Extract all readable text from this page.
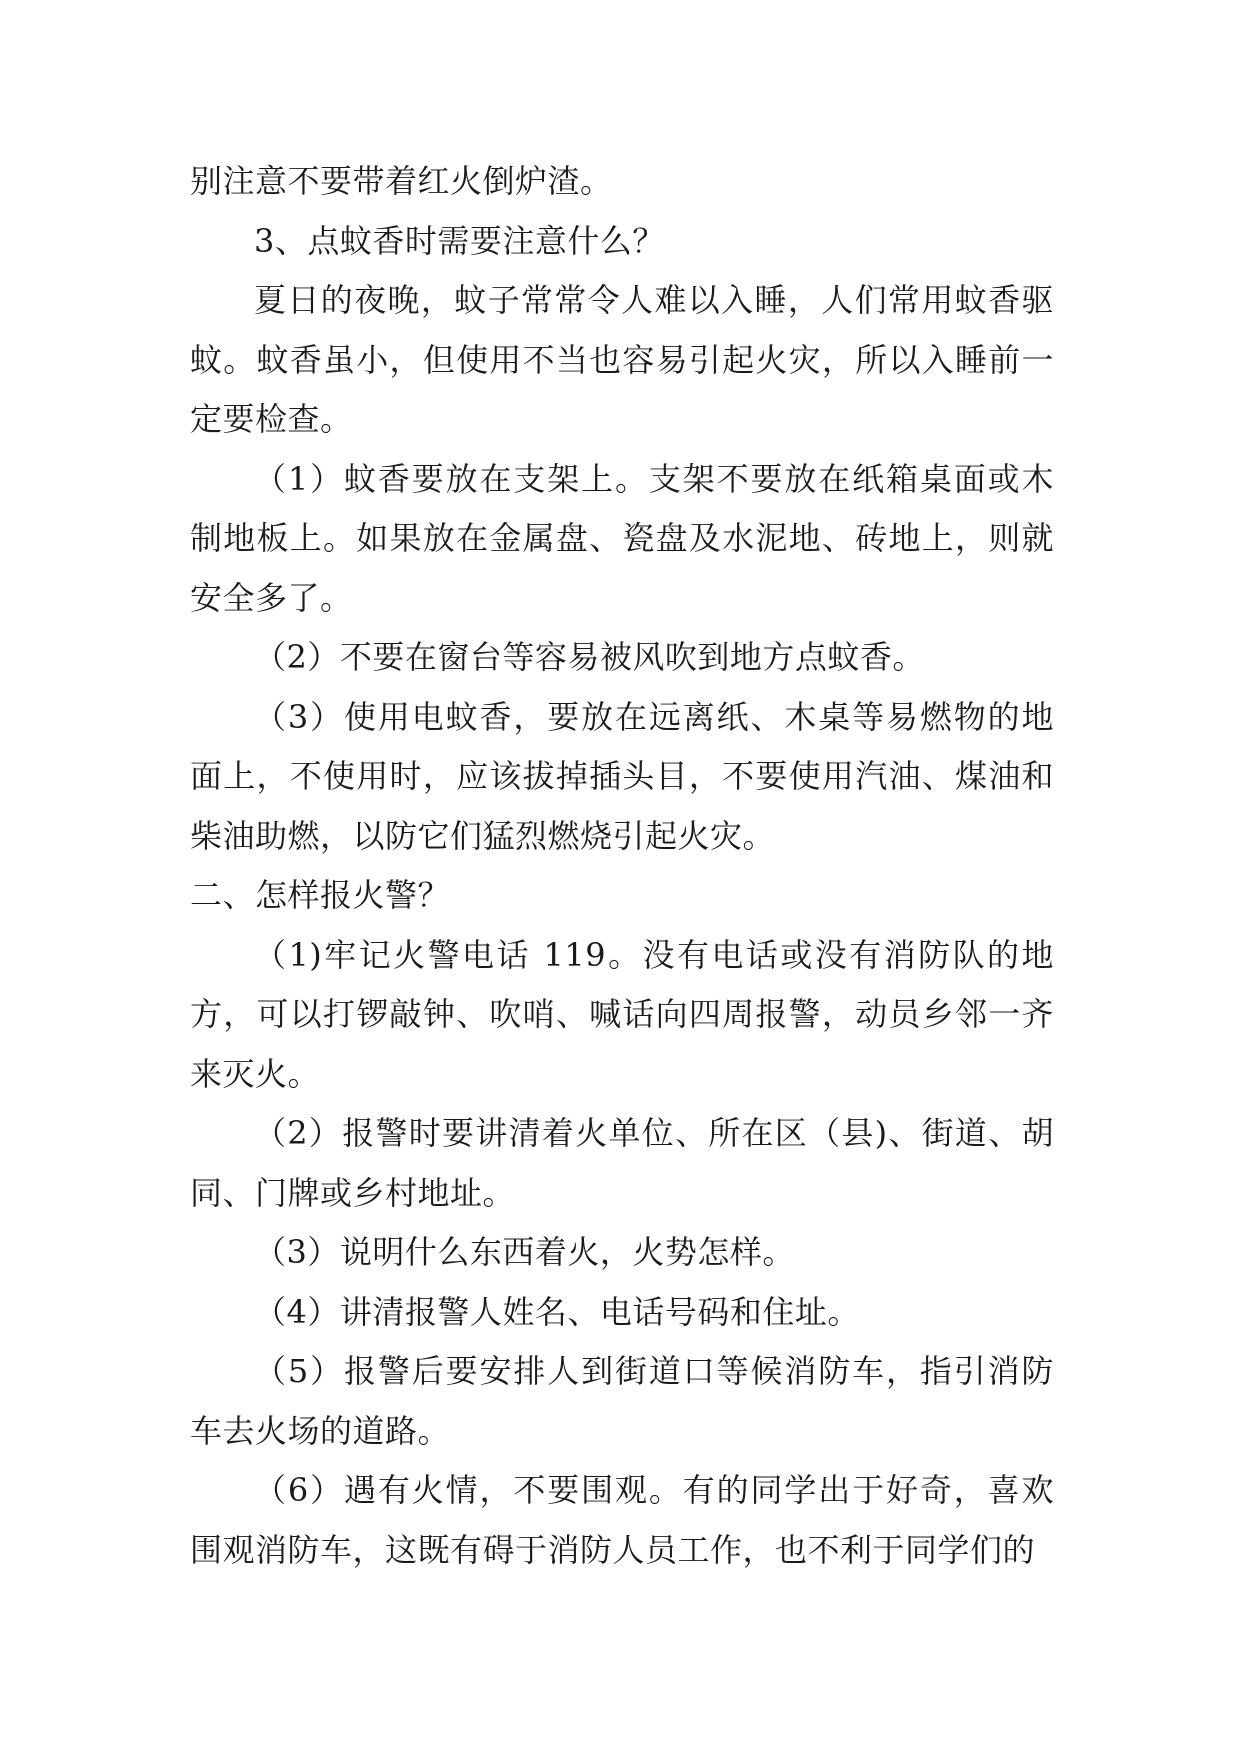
别注意不要带着红火倒炉渣。

3、点蚊香时需要注意什么？

夏日的夜晚，蚊子常常令人难以入睡，人们常用蚊香驱蚊。蚊香虽小，但使用不当也容易引起火灾，所以入睡前一定要检查。

（1）蚊香要放在支架上。支架不要放在纸箱桌面或木制地板上。如果放在金属盘、瓷盘及水泥地、砖地上，则就安全多了。

（2）不要在窗台等容易被风吹到地方点蚊香。

（3）使用电蚊香，要放在远离纸、木桌等易燃物的地面上，不使用时，应该拔掉插头目，不要使用汽油、煤油和柴油助燃，以防它们猛烈燃烧引起火灾。

二、怎样报火警？

（1)牢记火警电话 119。没有电话或没有消防队的地方，可以打锣敲钟、吹哨、喊话向四周报警，动员乡邻一齐来灭火。

（2）报警时要讲清着火单位、所在区（县)、街道、胡同、门牌或乡村地址。

（3）说明什么东西着火，火势怎样。

（4）讲清报警人姓名、电话号码和住址。

（5）报警后要安排人到街道口等候消防车，指引消防车去火场的道路。

（6）遇有火情，不要围观。有的同学出于好奇，喜欢围观消防车，这既有碍于消防人员工作，也不利于同学们的
